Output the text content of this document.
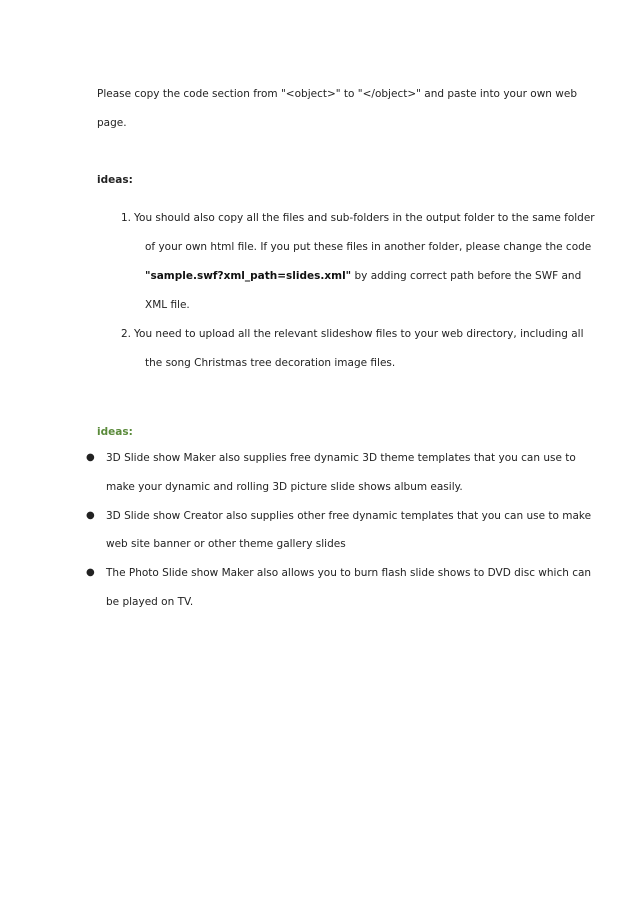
Please copy the code section from "<object>" to "</object>" and paste into your own web
page.
ideas:
1. You should also copy all the files and sub-folders in the output folder to the same folder
of your own html file. If you put these files in another folder, please change the code
"sample.swf?xml_path=slides.xml" by adding correct path before the SWF and
XML file.
2. You need to upload all the relevant slideshow files to your web directory, including all
the song Christmas tree decoration image files.
ideas:
● 3D Slide show Maker also supplies free dynamic 3D theme templates that you can use to
make your dynamic and rolling 3D picture slide shows album easily.
● 3D Slide show Creator also supplies other free dynamic templates that you can use to make
web site banner or other theme gallery slides
● The Photo Slide show Maker also allows you to burn flash slide shows to DVD disc which can
be played on TV.
